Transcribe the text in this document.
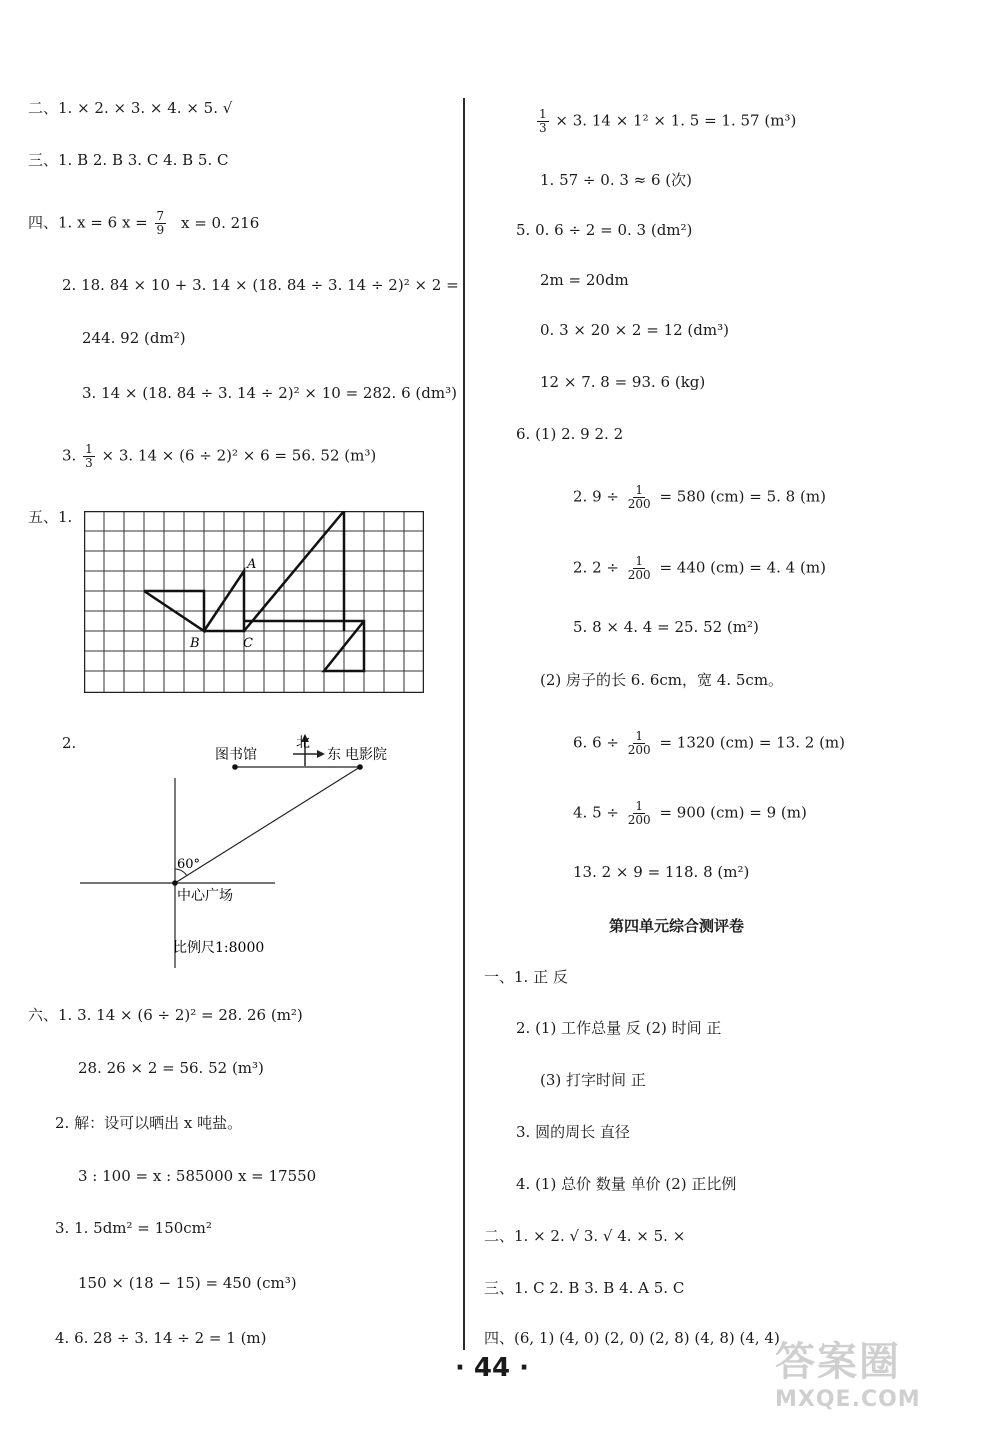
二、1. × 2. × 3. × 4. × 5. √
三、1. B 2. B 3. C 4. B 5. C
四、1. x = 6 $x = \frac{7}{9}$ x = 0. 216
2. 18. 84 × 10 + 3. 14 × (18. 84 ÷ 3. 14 ÷ 2)² × 2 =
244. 92 (dm²)
3. 14 × (18. 84 ÷ 3. 14 ÷ 2)² × 10 = 282. 6 (dm³)
3. $\frac{1}{3} \times 3$. 14 × (6 ÷ 2)² × 6 = 56. 52 (m³)
五、1.
A
B	C
2.	北
东
图书馆	电影院
60°
中心广场
比例尺1:8000
六、1. 3. 14 × (6 ÷ 2)² = 28. 26 (m²)
28. 26 × 2 = 56. 52 (m³)
2. 解：设可以晒出 x 吨盐。
3 : 100 = x : 585000 x = 17550
3. 1. 5dm² = 150cm²
150 × (18 − 15) = 450 (cm³)
4. 6. 28 ÷ 3. 14 ÷ 2 = 1 (m)
$\frac{1}{3} \times 3$. 14 × 1² × 1. 5 = 1. 57 (m³)
1. 57 ÷ 0. 3 ≈ 6 (次)
5. 0. 6 ÷ 2 = 0. 3 (dm²)
2m = 20dm
0. 3 × 20 × 2 = 12 (dm³)
12 × 7. 8 = 93. 6 (kg)
6. (1) 2. 9 2. 2
2. $9 \div \frac{1}{200} = 580$ (cm) = 5. 8 (m)
2. $2 \div \frac{1}{200} = 440$ (cm) = 4. 4 (m)
5. 8 × 4. 4 = 25. 52 (m²)
(2) 房子的长 6. 6cm，宽 4. 5cm。
6. $6 \div \frac{1}{200} = 1320$ (cm) = 13. 2 (m)
4. $5 \div \frac{1}{200} = 900$ (cm) = 9 (m)
13. 2 × 9 = 118. 8 (m²)
第四单元综合测评卷
一、1. 正 反
2. (1) 工作总量 反 (2) 时间 正
(3) 打字时间 正
3. 圆的周长 直径
4. (1) 总价 数量 单价 (2) 正比例
二、1. × 2. √ 3. √ 4. × 5. ×
三、1. C 2. B 3. B 4. A 5. C
四、(6, 1) (4, 0) (2, 0) (2, 8) (4, 8) (4, 4)
· 44 ·	答案圈
MXQE.COM
